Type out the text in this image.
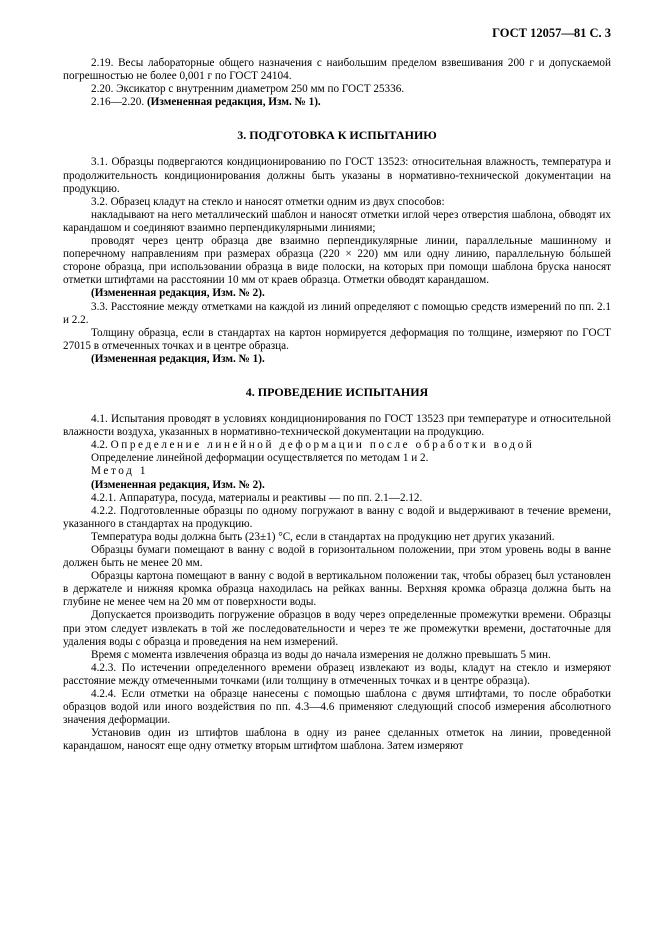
ГОСТ 12057—81 С. 3

2.19. Весы лабораторные общего назначения с наибольшим пределом взвешивания 200 г и допускаемой погрешностью не более 0,001 г по ГОСТ 24104.

2.20. Эксикатор с внутренним диаметром 250 мм по ГОСТ 25336.

2.16—2.20. (Измененная редакция, Изм. № 1).

3. ПОДГОТОВКА К ИСПЫТАНИЮ

3.1. Образцы подвергаются кондиционированию по ГОСТ 13523: относительная влажность, температура и продолжительность кондиционирования должны быть указаны в нормативно-технической документации на продукцию.

3.2. Образец кладут на стекло и наносят отметки одним из двух способов:

накладывают на него металлический шаблон и наносят отметки иглой через отверстия шаблона, обводят их карандашом и соединяют взаимно перпендикулярными линиями;

проводят через центр образца две взаимно перпендикулярные линии, параллельные машинному и поперечному направлениям при размерах образца (220 × 220) мм или одну линию, параллельную бо́льшей стороне образца, при использовании образца в виде полоски, на которых при помощи шаблона бруска наносят отметки штифтами на расстоянии 10 мм от краев образца. Отметки обводят карандашом.

(Измененная редакция, Изм. № 2).

3.3. Расстояние между отметками на каждой из линий определяют с помощью средств измерений по пп. 2.1 и 2.2.

Толщину образца, если в стандартах на картон нормируется деформация по толщине, измеряют по ГОСТ 27015 в отмеченных точках и в центре образца.

(Измененная редакция, Изм. № 1).

4. ПРОВЕДЕНИЕ ИСПЫТАНИЯ

4.1. Испытания проводят в условиях кондиционирования по ГОСТ 13523 при температуре и относительной влажности воздуха, указанных в нормативно-технической документации на продукцию.

4.2. Определение линейной деформации после обработки водой

Определение линейной деформации осуществляется по методам 1 и 2.

Метод 1

(Измененная редакция, Изм. № 2).

4.2.1. Аппаратура, посуда, материалы и реактивы — по пп. 2.1—2.12.

4.2.2. Подготовленные образцы по одному погружают в ванну с водой и выдерживают в течение времени, указанного в стандартах на продукцию.

Температура воды должна быть (23±1) °С, если в стандартах на продукцию нет других указаний.

Образцы бумаги помещают в ванну с водой в горизонтальном положении, при этом уровень воды в ванне должен быть не менее 20 мм.

Образцы картона помещают в ванну с водой в вертикальном положении так, чтобы образец был установлен в держателе и нижняя кромка образца находилась на рейках ванны. Верхняя кромка образца должна быть на глубине не менее чем на 20 мм от поверхности воды.

Допускается производить погружение образцов в воду через определенные промежутки времени. Образцы при этом следует извлекать в той же последовательности и через те же промежутки времени, достаточные для удаления воды с образца и проведения на нем измерений.

Время с момента извлечения образца из воды до начала измерения не должно превышать 5 мин.

4.2.3. По истечении определенного времени образец извлекают из воды, кладут на стекло и измеряют расстояние между отмеченными точками (или толщину в отмеченных точках и в центре образца).

4.2.4. Если отметки на образце нанесены с помощью шаблона с двумя штифтами, то после обработки образцов водой или иного воздействия по пп. 4.3—4.6 применяют следующий способ измерения абсолютного значения деформации.

Установив один из штифтов шаблона в одну из ранее сделанных отметок на линии, проведенной карандашом, наносят еще одну отметку вторым штифтом шаблона. Затем измеряют
